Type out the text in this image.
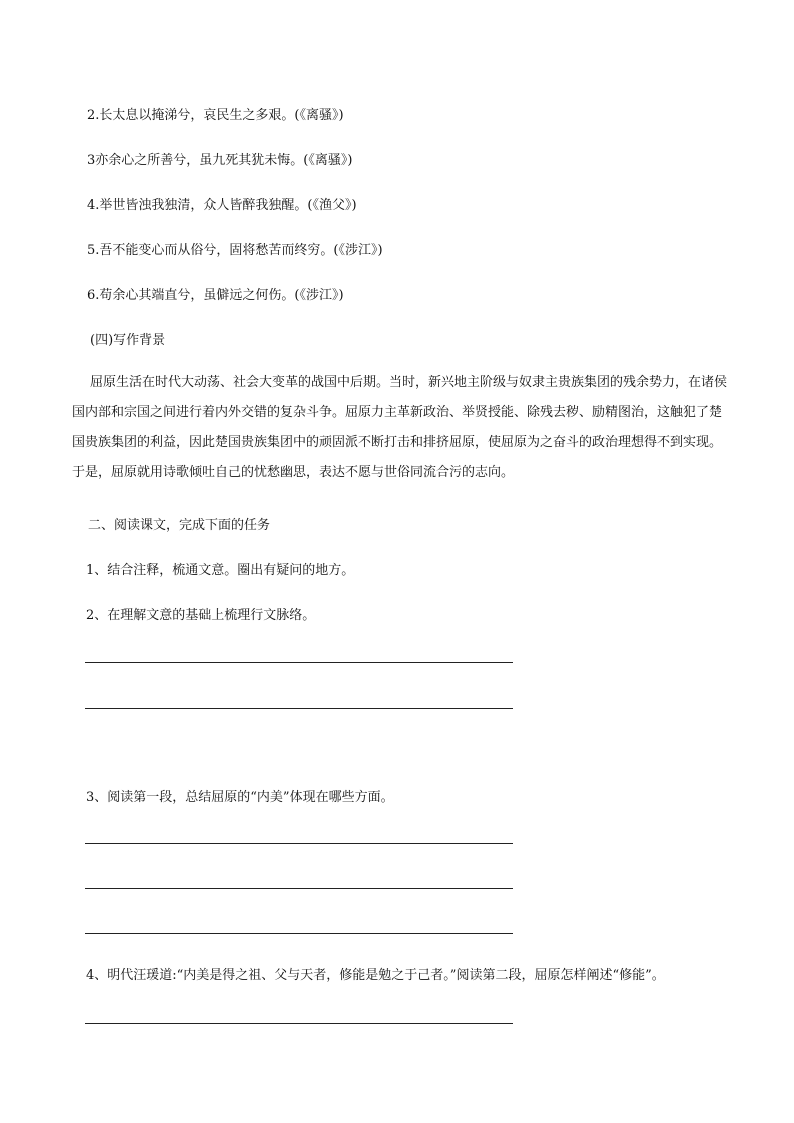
2.长太息以掩涕兮，哀民生之多艰。(《离骚》)
3亦余心之所善兮，虽九死其犹未悔。(《离骚》)
4.举世皆浊我独清，众人皆醉我独醒。(《渔父》)
5.吾不能变心而从俗兮，固将愁苦而终穷。(《涉江》)
6.苟余心其端直兮，虽僻远之何伤。(《涉江》)
(四)写作背景
屈原生活在时代大动荡、社会大变革的战国中后期。当时，新兴地主阶级与奴隶主贵族集团的残余势力，在诸侯国内部和宗国之间进行着内外交错的复杂斗争。屈原力主革新政治、举贤授能、除残去秽、励精图治，这触犯了楚国贵族集团的利益，因此楚国贵族集团中的顽固派不断打击和排挤屈原，使屈原为之奋斗的政治理想得不到实现。于是，屈原就用诗歌倾吐自己的忧愁幽思，表达不愿与世俗同流合污的志向。
二、阅读课文，完成下面的任务
1、结合注释，梳通文意。圈出有疑问的地方。
2、在理解文意的基础上梳理行文脉络。
3、阅读第一段，总结屈原的“内美”体现在哪些方面。
4、明代汪瑗道:“内美是得之祖、父与天者，修能是勉之于己者。”阅读第二段，屈原怎样阐述“修能”。
